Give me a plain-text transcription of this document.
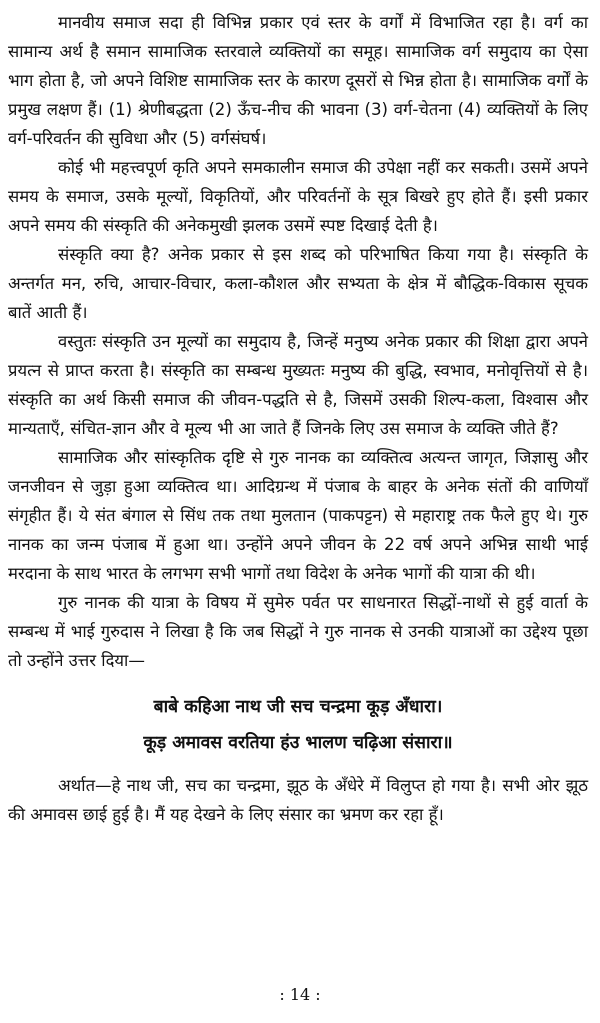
मानवीय समाज सदा ही विभिन्न प्रकार एवं स्तर के वर्गों में विभाजित रहा है। वर्ग का सामान्य अर्थ है समान सामाजिक स्तरवाले व्यक्तियों का समूह। सामाजिक वर्ग समुदाय का ऐसा भाग होता है, जो अपने विशिष्ट सामाजिक स्तर के कारण दूसरों से भिन्न होता है। सामाजिक वर्गों के प्रमुख लक्षण हैं। (1) श्रेणीबद्धता (2) ऊँच-नीच की भावना (3) वर्ग-चेतना (4) व्यक्तियों के लिए वर्ग-परिवर्तन की सुविधा और (5) वर्गसंघर्ष।

कोई भी महत्त्वपूर्ण कृति अपने समकालीन समाज की उपेक्षा नहीं कर सकती। उसमें अपने समय के समाज, उसके मूल्यों, विकृतियों, और परिवर्तनों के सूत्र बिखरे हुए होते हैं। इसी प्रकार अपने समय की संस्कृति की अनेकमुखी झलक उसमें स्पष्ट दिखाई देती है।

संस्कृति क्या है? अनेक प्रकार से इस शब्द को परिभाषित किया गया है। संस्कृति के अन्तर्गत मन, रुचि, आचार-विचार, कला-कौशल और सभ्यता के क्षेत्र में बौद्धिक-विकास सूचक बातें आती हैं।

वस्तुतः संस्कृति उन मूल्यों का समुदाय है, जिन्हें मनुष्य अनेक प्रकार की शिक्षा द्वारा अपने प्रयत्न से प्राप्त करता है। संस्कृति का सम्बन्ध मुख्यतः मनुष्य की बुद्धि, स्वभाव, मनोवृत्तियों से है। संस्कृति का अर्थ किसी समाज की जीवन-पद्धति से है, जिसमें उसकी शिल्प-कला, विश्वास और मान्यताएँ, संचित-ज्ञान और वे मूल्य भी आ जाते हैं जिनके लिए उस समाज के व्यक्ति जीते हैं?

सामाजिक और सांस्कृतिक दृष्टि से गुरु नानक का व्यक्तित्व अत्यन्त जागृत, जिज्ञासु और जनजीवन से जुड़ा हुआ व्यक्तित्व था। आदिग्रन्थ में पंजाब के बाहर के अनेक संतों की वाणियाँ संगृहीत हैं। ये संत बंगाल से सिंध तक तथा मुलतान (पाकपट्टन) से महाराष्ट्र तक फैले हुए थे। गुरु नानक का जन्म पंजाब में हुआ था। उन्होंने अपने जीवन के 22 वर्ष अपने अभिन्न साथी भाई मरदाना के साथ भारत के लगभग सभी भागों तथा विदेश के अनेक भागों की यात्रा की थी।

गुरु नानक की यात्रा के विषय में सुमेरु पर्वत पर साधनारत सिद्धों-नाथों से हुई वार्ता के सम्बन्ध में भाई गुरुदास ने लिखा है कि जब सिद्धों ने गुरु नानक से उनकी यात्राओं का उद्देश्य पूछा तो उन्होंने उत्तर दिया—

बाबे कहिआ नाथ जी सच चन्द्रमा कूड़ अँधारा।
कूड़ अमावस वरतिया हंउ भालण चढ़िआ संसारा॥

अर्थात—हे नाथ जी, सच का चन्द्रमा, झूठ के अँधेरे में विलुप्त हो गया है। सभी ओर झूठ की अमावस छाई हुई है। मैं यह देखने के लिए संसार का भ्रमण कर रहा हूँ।

: 14 :
